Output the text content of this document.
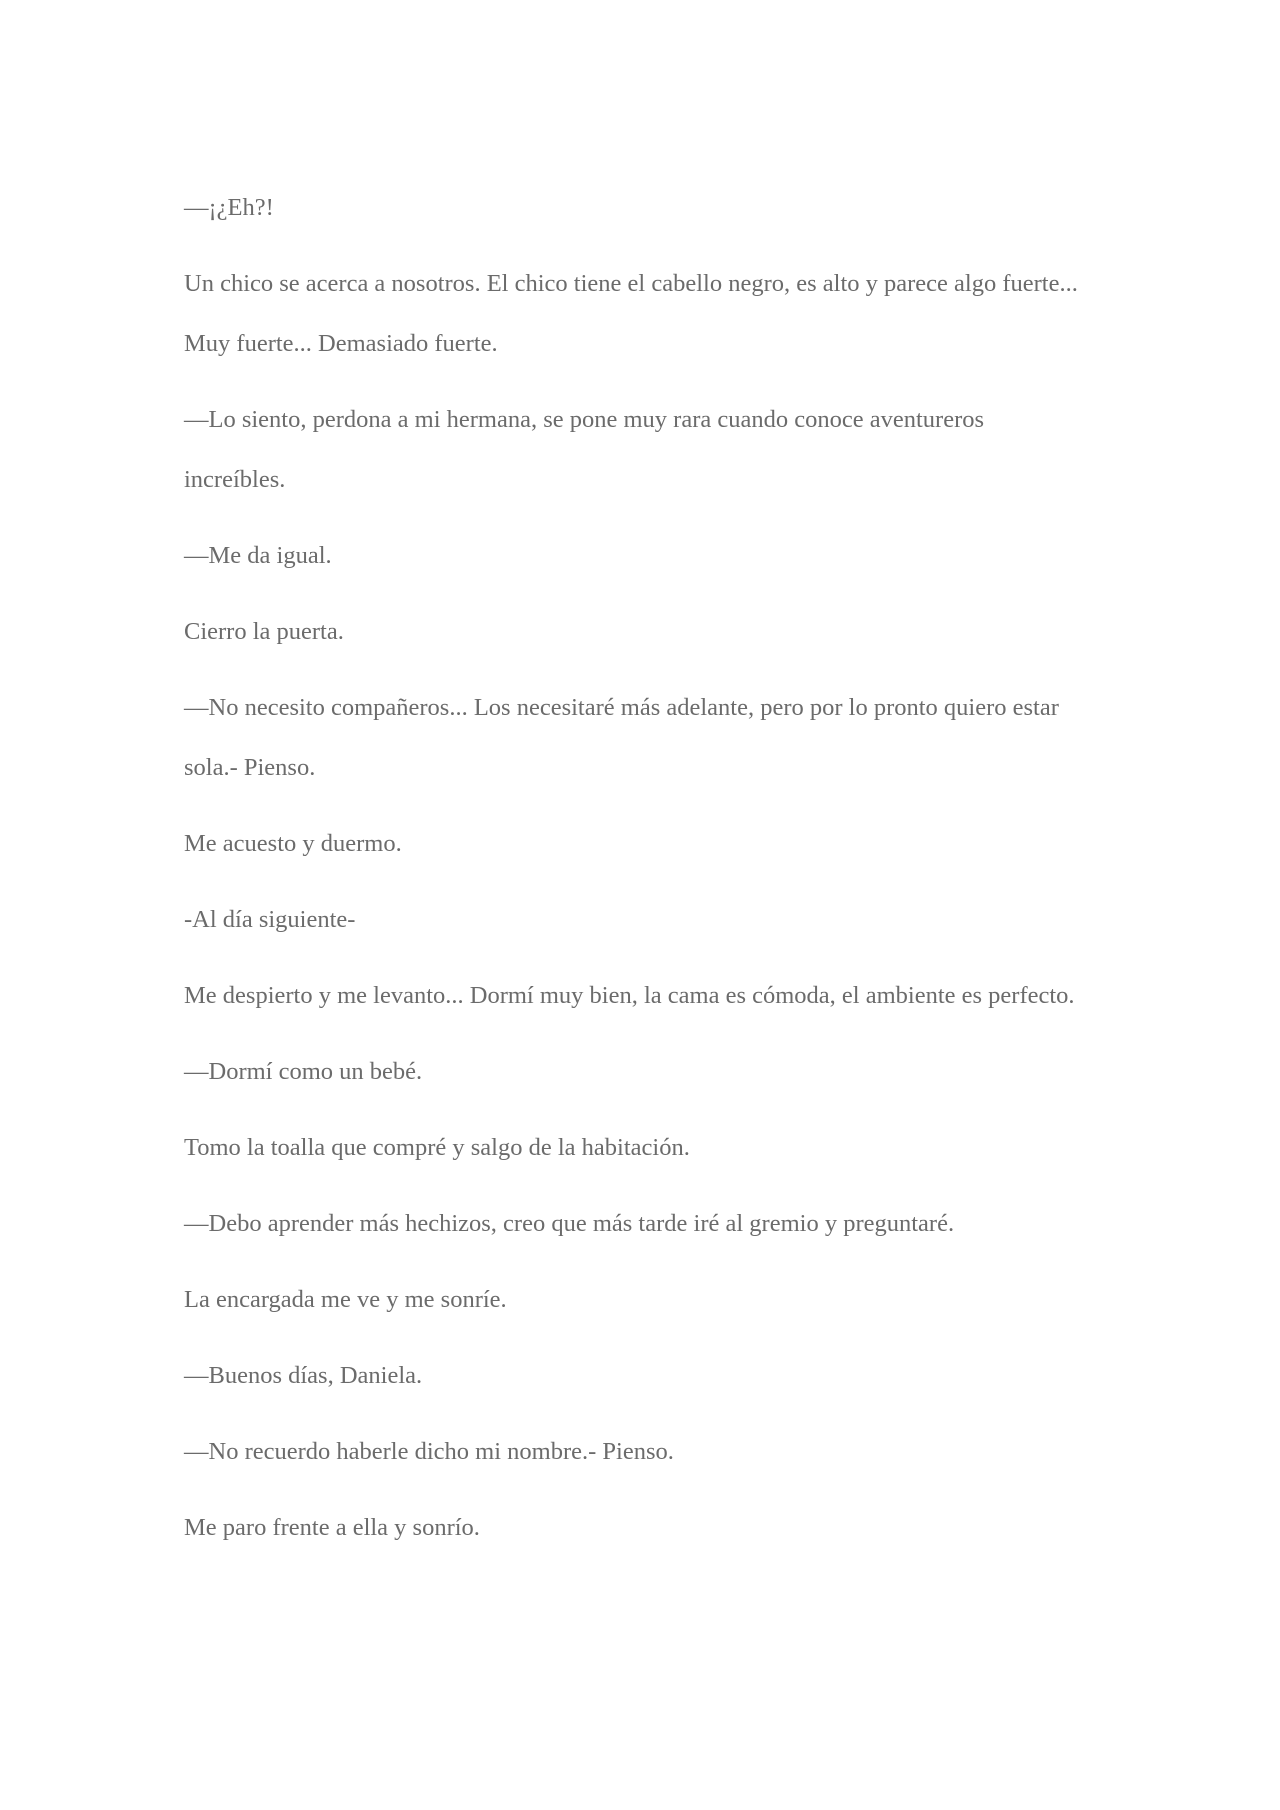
—¡¿Eh?!

Un chico se acerca a nosotros. El chico tiene el cabello negro, es alto y parece algo fuerte... Muy fuerte... Demasiado fuerte.

—Lo siento, perdona a mi hermana, se pone muy rara cuando conoce aventureros increíbles.

—Me da igual.

Cierro la puerta.

—No necesito compañeros... Los necesitaré más adelante, pero por lo pronto quiero estar sola.- Pienso.

Me acuesto y duermo.

-Al día siguiente-

Me despierto y me levanto... Dormí muy bien, la cama es cómoda, el ambiente es perfecto.

—Dormí como un bebé.

Tomo la toalla que compré y salgo de la habitación.

—Debo aprender más hechizos, creo que más tarde iré al gremio y preguntaré.

La encargada me ve y me sonríe.

—Buenos días, Daniela.

—No recuerdo haberle dicho mi nombre.- Pienso.

Me paro frente a ella y sonrío.
